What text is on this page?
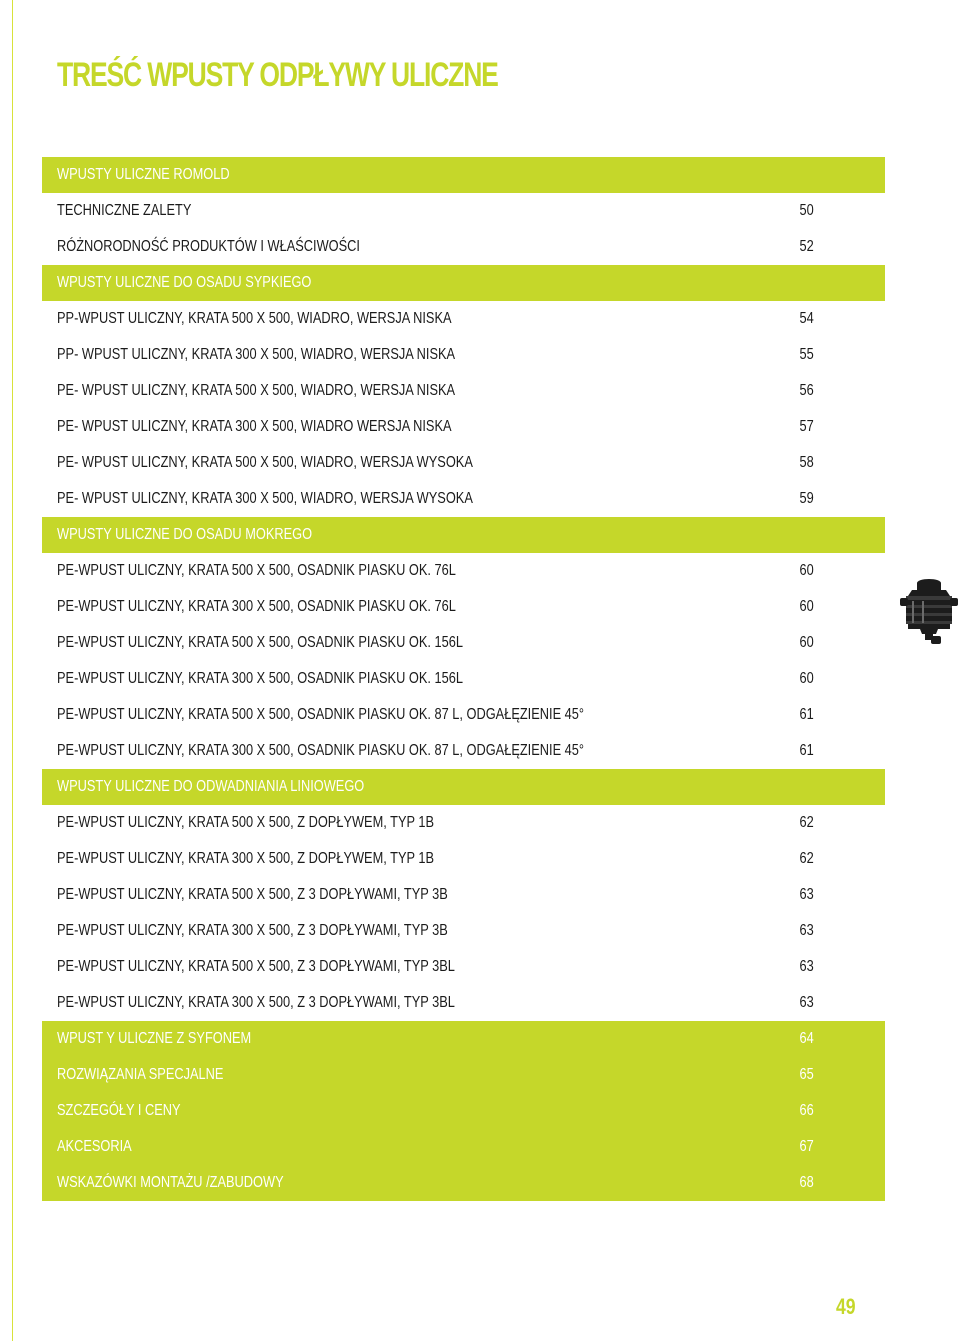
TREŚĆ WPUSTY ODPŁYWY ULICZNE
WPUSTY ULICZNE ROMOLD
TECHNICZNE ZALETY	50
RÓŻNORODNOŚĆ PRODUKTÓW I WŁAŚCIWOŚCI	52
WPUSTY ULICZNE DO OSADU SYPKIEGO
PP-WPUST ULICZNY, KRATA 500 X 500, WIADRO, WERSJA NISKA	54
PP- WPUST ULICZNY, KRATA 300 X 500, WIADRO, WERSJA NISKA	55
PE- WPUST ULICZNY, KRATA 500 X 500, WIADRO, WERSJA NISKA	56
PE- WPUST ULICZNY, KRATA 300 X 500, WIADRO WERSJA NISKA	57
PE- WPUST ULICZNY, KRATA 500 X 500, WIADRO, WERSJA WYSOKA	58
PE- WPUST ULICZNY, KRATA 300 X 500, WIADRO, WERSJA WYSOKA	59
WPUSTY ULICZNE DO OSADU MOKREGO
PE-WPUST ULICZNY, KRATA 500 X 500, OSADNIK PIASKU OK. 76L	60
PE-WPUST ULICZNY, KRATA 300 X 500, OSADNIK PIASKU OK. 76L	60
PE-WPUST ULICZNY, KRATA 500 X 500, OSADNIK PIASKU OK. 156L	60
PE-WPUST ULICZNY, KRATA 300 X 500, OSADNIK PIASKU OK. 156L	60
PE-WPUST ULICZNY, KRATA 500 X 500, OSADNIK PIASKU OK. 87 L, ODGAŁĘZIENIE 45°	61
PE-WPUST ULICZNY, KRATA 300 X 500, OSADNIK PIASKU OK. 87 L, ODGAŁĘZIENIE 45°	61
WPUSTY ULICZNE DO ODWADNIANIA LINIOWEGO
PE-WPUST ULICZNY, KRATA 500 X 500, Z DOPŁYWEM, TYP 1B	62
PE-WPUST ULICZNY, KRATA 300 X 500, Z DOPŁYWEM, TYP 1B	62
PE-WPUST ULICZNY, KRATA 500 X 500, Z 3 DOPŁYWAMI, TYP 3B	63
PE-WPUST ULICZNY, KRATA 300 X 500, Z 3 DOPŁYWAMI, TYP 3B	63
PE-WPUST ULICZNY, KRATA 500 X 500, Z 3 DOPŁYWAMI, TYP 3BL	63
PE-WPUST ULICZNY, KRATA 300 X 500, Z 3 DOPŁYWAMI, TYP 3BL	63
WPUST Y ULICZNE Z SYFONEM	64
ROZWIĄZANIA SPECJALNE	65
SZCZEGÓŁY I CENY	66
AKCESORIA	67
WSKAZÓWKI MONTAŻU /ZABUDOWY	68
49
